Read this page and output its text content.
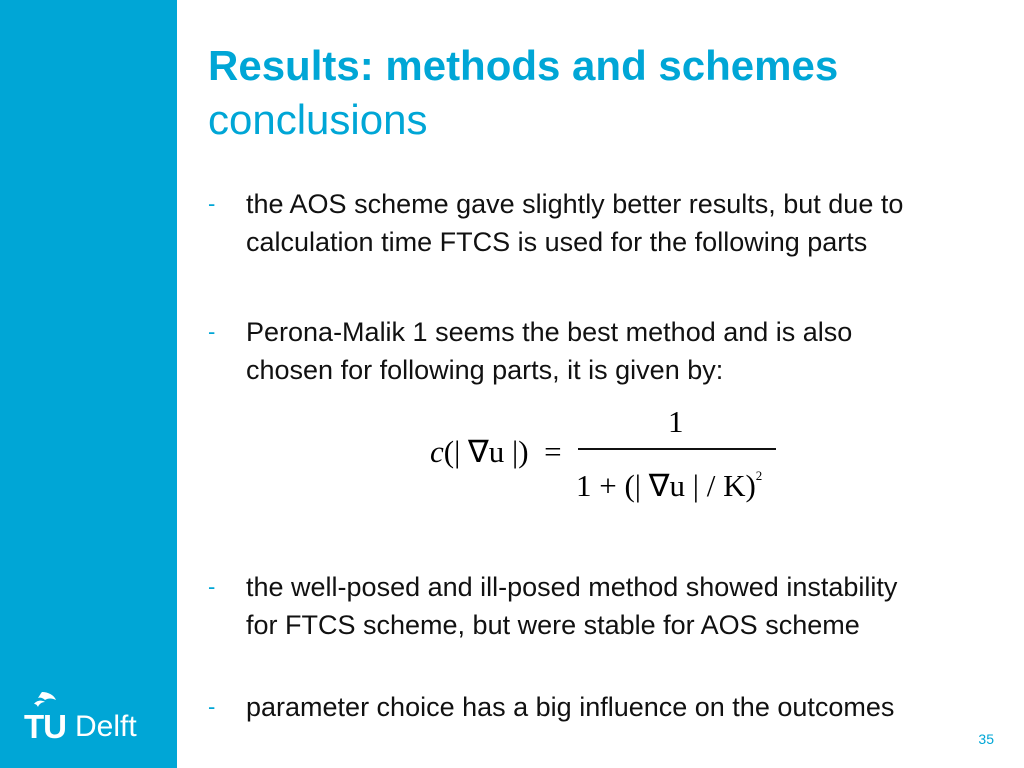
TU Delft
Results: methods and schemes
conclusions
- the AOS scheme gave slightly better results, but due to
calculation time FTCS is used for the following parts
- Perona-Malik 1 seems the best method and is also
chosen for following parts, it is given by:
c(| ∇u |) =
1
1 + (| ∇u | / K)$^2$
- the well-posed and ill-posed method showed instability
for FTCS scheme, but were stable for AOS scheme
- parameter choice has a big influence on the outcomes
35
